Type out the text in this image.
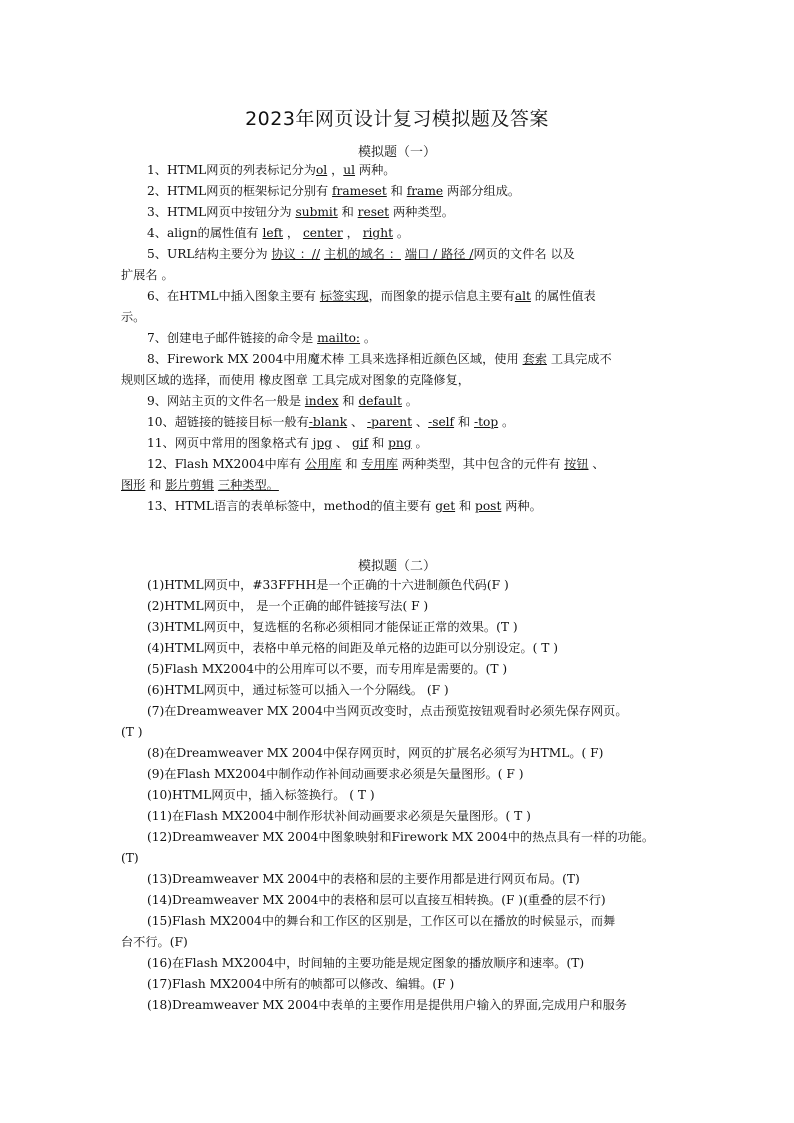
2023年网页设计复习模拟题及答案
模拟题（一）
1、HTML网页的列表标记分为ol ，ul 两种。
2、HTML网页的框架标记分别有 frameset 和 frame 两部分组成。
3、HTML网页中按钮分为 submit 和 reset 两种类型。
4、align的属性值有 left ， center ， right 。
5、URL结构主要分为 协议 ：// 主机的域名 ： 端口 / 路径 /网页的文件名 以及
扩展名 。
6、在HTML中插入图象主要有 标签实现，而图象的提示信息主要有alt 的属性值表
示。
7、创建电子邮件链接的命令是 mailto: 。
8、Firework MX 2004中用魔术棒 工具来选择相近颜色区域，使用 套索 工具完成不
规则区域的选择，而使用 橡皮图章 工具完成对图象的克隆修复，
9、网站主页的文件名一般是 index 和 default 。
10、超链接的链接目标一般有-blank 、 -parent 、-self 和 -top 。
11、网页中常用的图象格式有 jpg 、 gif 和 png 。
12、Flash MX2004中库有 公用库 和 专用库 两种类型，其中包含的元件有 按钮 、
图形 和 影片剪辑 三种类型。
13、HTML语言的表单标签中，method的值主要有 get 和 post 两种。
模拟题（二）
(1)HTML网页中，#33FFHH是一个正确的十六进制颜色代码(F )
(2)HTML网页中， 是一个正确的邮件链接写法( F )
(3)HTML网页中，复选框的名称必须相同才能保证正常的效果。(T )
(4)HTML网页中，表格中单元格的间距及单元格的边距可以分别设定。( T )
(5)Flash MX2004中的公用库可以不要，而专用库是需要的。(T )
(6)HTML网页中，通过标签可以插入一个分隔线。 (F )
(7)在Dreamweaver MX 2004中当网页改变时，点击预览按钮观看时必须先保存网页。
(T )
(8)在Dreamweaver MX 2004中保存网页时，网页的扩展名必须写为HTML。( F)
(9)在Flash MX2004中制作动作补间动画要求必须是矢量图形。( F )
(10)HTML网页中，插入标签换行。 ( T )
(11)在Flash MX2004中制作形状补间动画要求必须是矢量图形。( T )
(12)Dreamweaver MX 2004中图象映射和Firework MX 2004中的热点具有一样的功能。
(T)
(13)Dreamweaver MX 2004中的表格和层的主要作用都是进行网页布局。(T)
(14)Dreamweaver MX 2004中的表格和层可以直接互相转换。(F )(重叠的层不行)
(15)Flash MX2004中的舞台和工作区的区别是，工作区可以在播放的时候显示，而舞
台不行。(F)
(16)在Flash MX2004中，时间轴的主要功能是规定图象的播放顺序和速率。(T)
(17)Flash MX2004中所有的帧都可以修改、编辑。(F )
(18)Dreamweaver MX 2004中表单的主要作用是提供用户输入的界面,完成用户和服务
